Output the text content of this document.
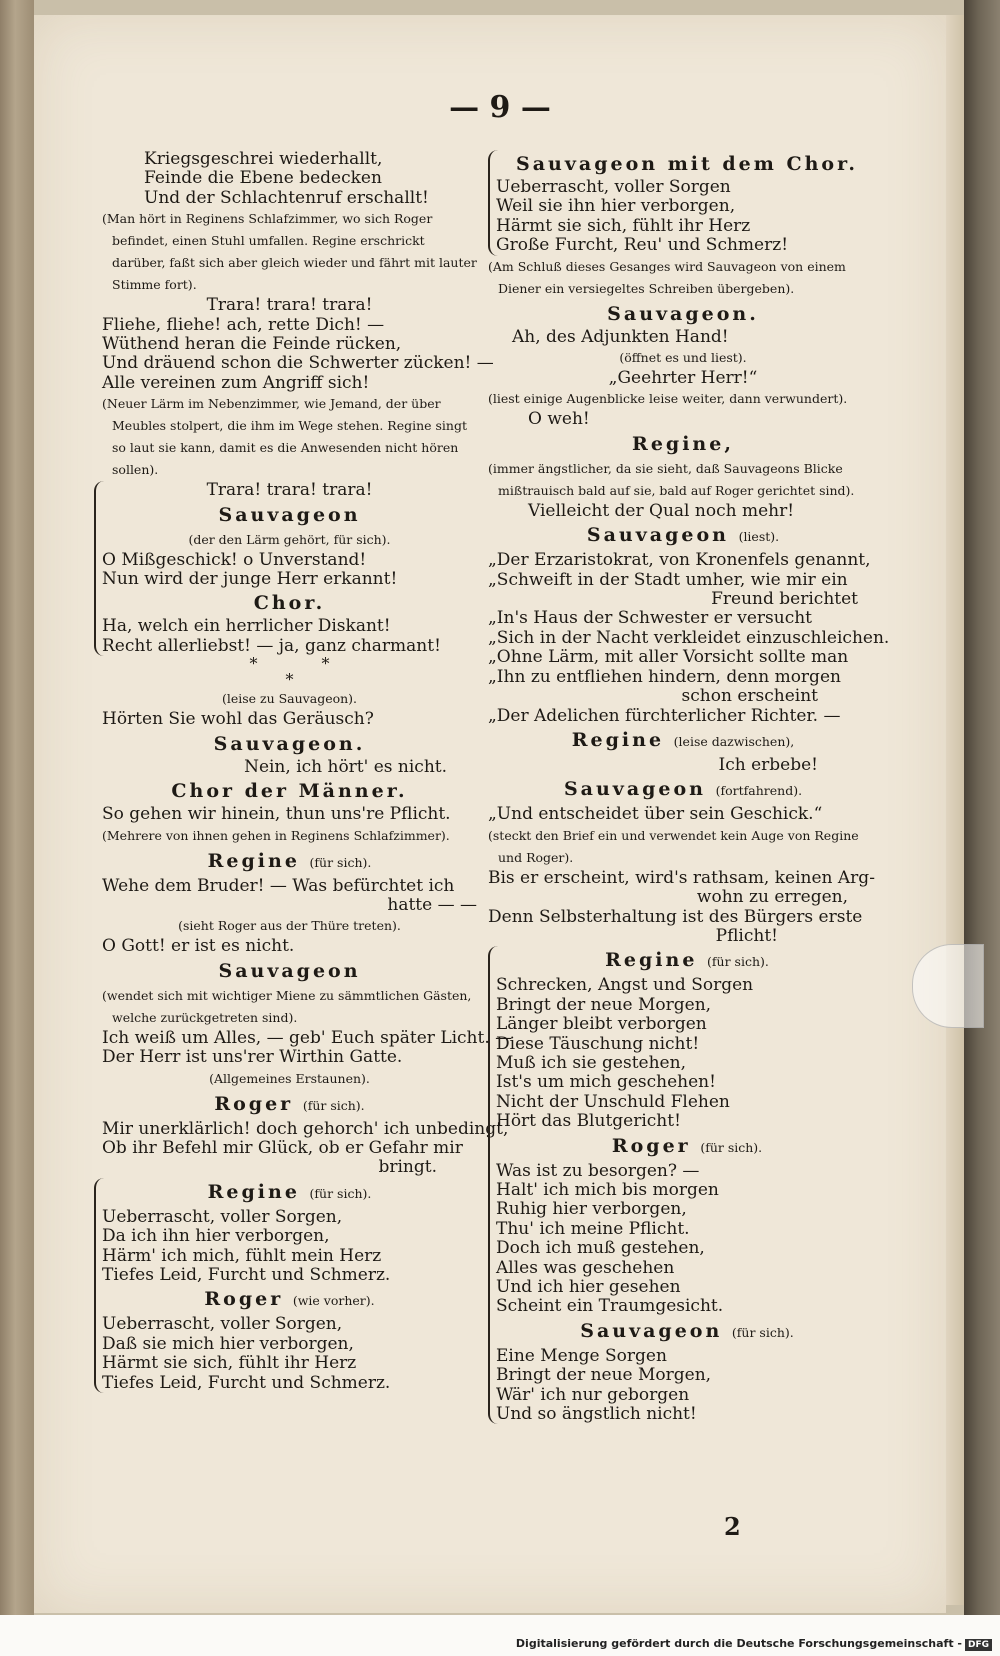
— 9 —
Kriegsgeschrei wiederhallt,
Feinde die Ebene bedecken
Und der Schlachtenruf erschallt!
(Man hört in Reginens Schlafzimmer, wo sich Roger befindet, einen Stuhl umfallen. Regine erschrickt darüber, faßt sich aber gleich wieder und fährt mit lauter Stimme fort).
Trara! trara! trara!
Fliehe, fliehe! ach, rette Dich! —
Wüthend heran die Feinde rücken,
Und dräuend schon die Schwerter zücken! —
Alle vereinen zum Angriff sich!
(Neuer Lärm im Nebenzimmer, wie Jemand, der über Meubles stolpert, die ihm im Wege stehen. Regine singt so laut sie kann, damit es die Anwesenden nicht hören sollen).
Trara! trara! trara!
Sauvageon
(der den Lärm gehört, für sich).
O Mißgeschick! o Unverstand!
Nun wird der junge Herr erkannt!
Chor.
Ha, welch ein herrlicher Diskant!
Recht allerliebst! — ja, ganz charmant!
*    	*
*
(leise zu Sauvageon).
Hörten Sie wohl das Geräusch?
Sauvageon.
Nein, ich hört' es nicht.
Chor der Männer.
So gehen wir hinein, thun uns're Pflicht.
(Mehrere von ihnen gehen in Reginens Schlafzimmer).
Regine (für sich).
Wehe dem Bruder! — Was befürchtet ich
hatte — —
(sieht Roger aus der Thüre treten).
O Gott! er ist es nicht.
Sauvageon
(wendet sich mit wichtiger Miene zu sämmtlichen Gästen, welche zurückgetreten sind).
Ich weiß um Alles, — geb' Euch später Licht. —
Der Herr ist uns'rer Wirthin Gatte.
(Allgemeines Erstaunen).
Roger (für sich).
Mir unerklärlich! doch gehorch' ich unbedingt,
Ob ihr Befehl mir Glück, ob er Gefahr mir
bringt.
Regine (für sich).
Ueberrascht, voller Sorgen,
Da ich ihn hier verborgen,
Härm' ich mich, fühlt mein Herz
Tiefes Leid, Furcht und Schmerz.
Roger (wie vorher).
Ueberrascht, voller Sorgen,
Daß sie mich hier verborgen,
Härmt sie sich, fühlt ihr Herz
Tiefes Leid, Furcht und Schmerz.
Sauvageon mit dem Chor.
Ueberrascht, voller Sorgen
Weil sie ihn hier verborgen,
Härmt sie sich, fühlt ihr Herz
Große Furcht, Reu' und Schmerz!
(Am Schluß dieses Gesanges wird Sauvageon von einem Diener ein versiegeltes Schreiben übergeben).
Sauvageon.
Ah, des Adjunkten Hand!
(öffnet es und liest).
„Geehrter Herr!“
(liest einige Augenblicke leise weiter, dann verwundert).
O weh!
Regine,
(immer ängstlicher, da sie sieht, daß Sauvageons Blicke mißtrauisch bald auf sie, bald auf Roger gerichtet sind).
Vielleicht der Qual noch mehr!
Sauvageon (liest).
„Der Erzaristokrat, von Kronenfels genannt,
„Schweift in der Stadt umher, wie mir ein
Freund berichtet
„In's Haus der Schwester er versucht
„Sich in der Nacht verkleidet einzuschleichen.
„Ohne Lärm, mit aller Vorsicht sollte man
„Ihn zu entfliehen hindern, denn morgen
schon erscheint
„Der Adelichen fürchterlicher Richter. —
Regine (leise dazwischen),
Ich erbebe!
Sauvageon (fortfahrend).
„Und entscheidet über sein Geschick.“
(steckt den Brief ein und verwendet kein Auge von Regine und Roger).
Bis er erscheint, wird's rathsam, keinen Arg-
wohn zu erregen,
Denn Selbsterhaltung ist des Bürgers erste
Pflicht!
Regine (für sich).
Schrecken, Angst und Sorgen
Bringt der neue Morgen,
Länger bleibt verborgen
Diese Täuschung nicht!
Muß ich sie gestehen,
Ist's um mich geschehen!
Nicht der Unschuld Flehen
Hört das Blutgericht!
Roger (für sich).
Was ist zu besorgen? —
Halt' ich mich bis morgen
Ruhig hier verborgen,
Thu' ich meine Pflicht.
Doch ich muß gestehen,
Alles was geschehen
Und ich hier gesehen
Scheint ein Traumgesicht.
Sauvageon (für sich).
Eine Menge Sorgen
Bringt der neue Morgen,
Wär' ich nur geborgen
Und so ängstlich nicht!
2
Digitalisierung gefördert durch die Deutsche Forschungsgemeinschaft - DFG
